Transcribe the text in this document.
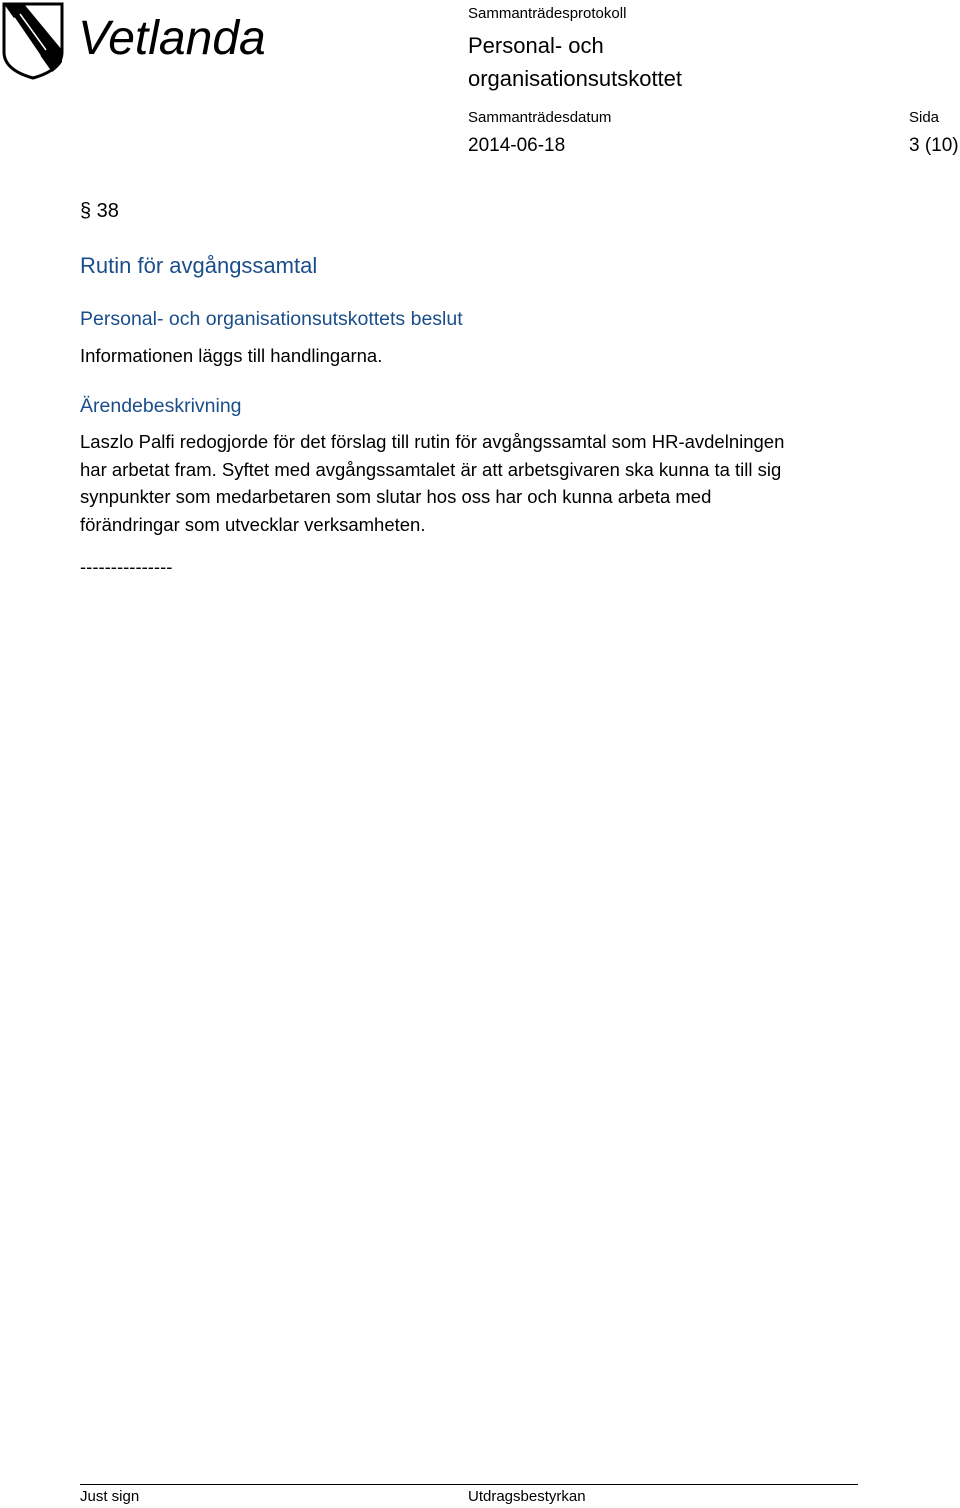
Vetlanda	Sammanträdesprotokoll
Personal- och
organisationsutskottet
Sammanträdesdatum	Sida
2014-06-18	3 (10)
§ 38
Rutin för avgångssamtal
Personal- och organisationsutskottets beslut
Informationen läggs till handlingarna.
Ärendebeskrivning
Laszlo Palfi redogjorde för det förslag till rutin för avgångssamtal som HR-avdelningen
har arbetat fram. Syftet med avgångssamtalet är att arbetsgivaren ska kunna ta till sig
synpunkter som medarbetaren som slutar hos oss har och kunna arbeta med
förändringar som utvecklar verksamheten.
---------------
Just sign	Utdragsbestyrkan
